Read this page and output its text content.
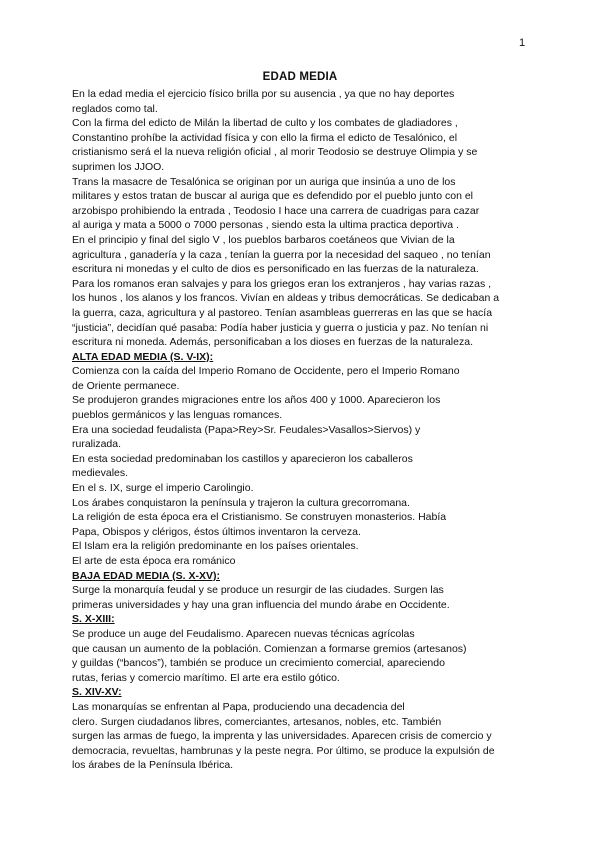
1
EDAD MEDIA
En la edad media el ejercicio físico brilla por su ausencia , ya que no hay deportes
reglados como tal.
Con la firma del edicto de Milán la libertad de culto y los combates de gladiadores ,
Constantino prohíbe la actividad física y con ello la firma el edicto de Tesalónico, el
cristianismo será el la nueva religión oficial , al morir Teodosio se destruye Olimpia y se
suprimen los JJOO.
Trans la masacre de Tesalónica se originan por un auriga que insinúa a uno de los
militares y estos tratan de buscar al auriga que es defendido por el pueblo junto con el
arzobispo prohibiendo la entrada , Teodosio I hace una carrera de cuadrigas para cazar
al auriga y mata a 5000 o 7000 personas , siendo esta la ultima practica deportiva .
En el principio y final del siglo V , los pueblos barbaros coetáneos que Vivian de la
agricultura , ganadería y la caza , tenían la guerra por la necesidad del saqueo , no tenían
escritura ni monedas y el culto de dios es personificado en las fuerzas de la naturaleza.
Para los romanos eran salvajes y para los griegos eran los extranjeros , hay varias razas ,
los hunos , los alanos y los francos. Vivían en aldeas y tribus democráticas. Se dedicaban a
la guerra, caza, agricultura y al pastoreo. Tenían asambleas guerreras en las que se hacía
“justicia”, decidían qué pasaba: Podía haber justicia y guerra o justicia y paz. No tenían ni
escritura ni moneda. Además, personificaban a los dioses en fuerzas de la naturaleza.
ALTA EDAD MEDIA (S. V-IX):
Comienza con la caída del Imperio Romano de Occidente, pero el Imperio Romano
de Oriente permanece.
Se produjeron grandes migraciones entre los años 400 y 1000. Aparecieron los
pueblos germánicos y las lenguas romances.
Era una sociedad feudalista (Papa>Rey>Sr. Feudales>Vasallos>Siervos) y
ruralizada.
En esta sociedad predominaban los castillos y aparecieron los caballeros
medievales.
En el s. IX, surge el imperio Carolingio.
Los árabes conquistaron la península y trajeron la cultura grecorromana.
La religión de esta época era el Cristianismo. Se construyen monasterios. Había
Papa, Obispos y clérigos, éstos últimos inventaron la cerveza.
El Islam era la religión predominante en los países orientales.
El arte de esta época era románico
BAJA EDAD MEDIA (S. X-XV):
Surge la monarquía feudal y se produce un resurgir de las ciudades. Surgen las
primeras universidades y hay una gran influencia del mundo árabe en Occidente.
S. X-XIII:
Se produce un auge del Feudalismo. Aparecen nuevas técnicas agrícolas
que causan un aumento de la población. Comienzan a formarse gremios (artesanos)
y guildas (“bancos”), también se produce un crecimiento comercial, apareciendo
rutas, ferias y comercio marítimo. El arte era estilo gótico.
S. XIV-XV:
Las monarquías se enfrentan al Papa, produciendo una decadencia del
clero. Surgen ciudadanos libres, comerciantes, artesanos, nobles, etc. También
surgen las armas de fuego, la imprenta y las universidades. Aparecen crisis de comercio y
democracia, revueltas, hambrunas y la peste negra. Por último, se produce la expulsión de
los árabes de la Península Ibérica.
